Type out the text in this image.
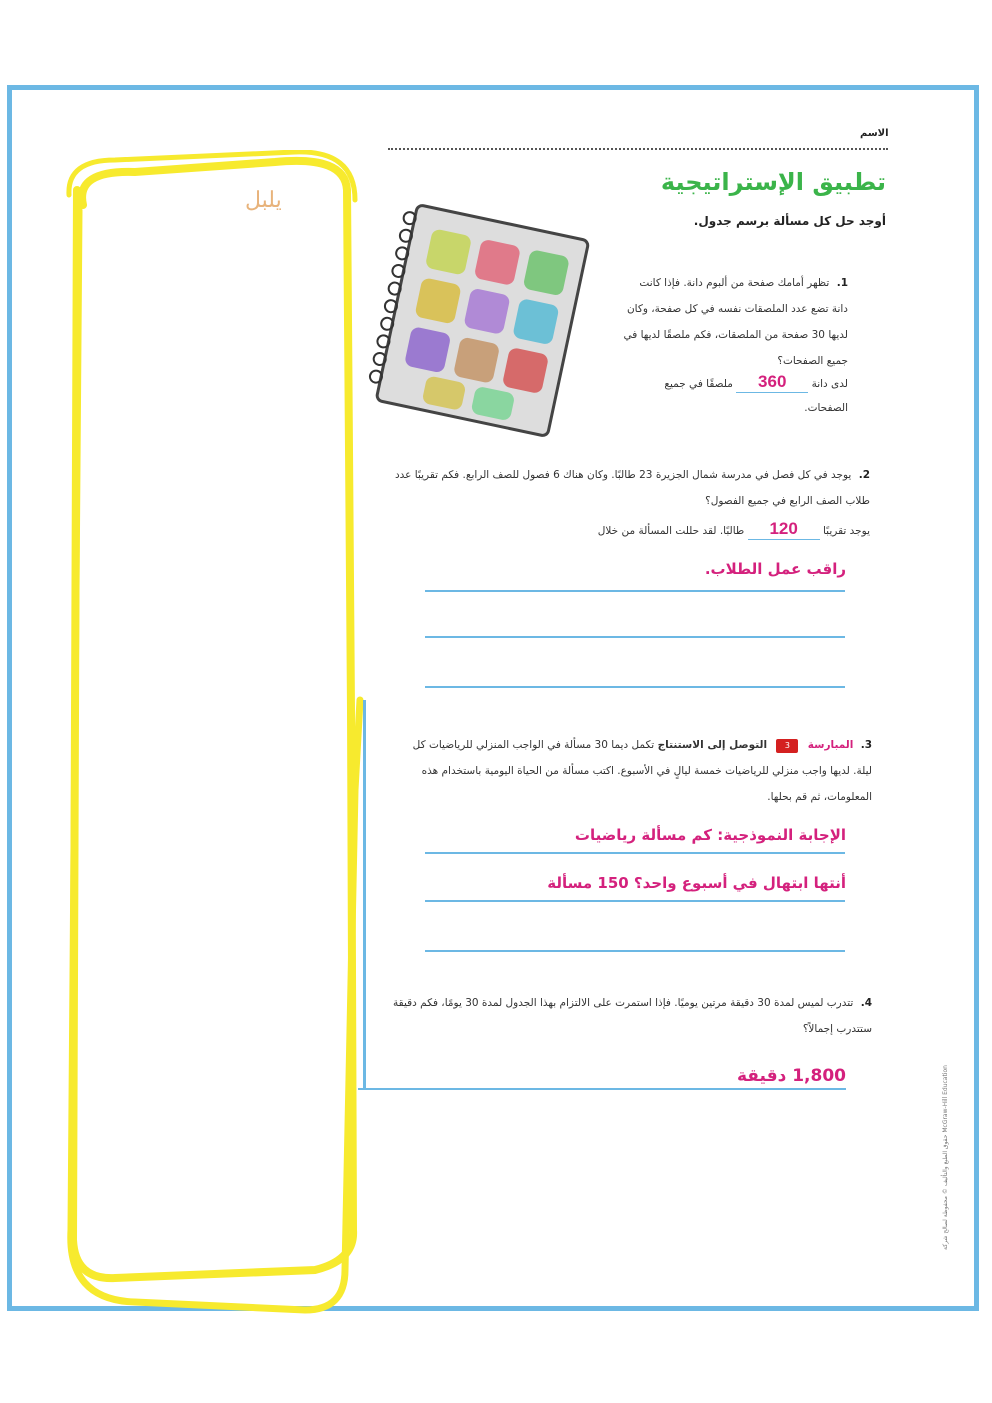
يلبل
الاسم
تطبيق الإستراتيجية
أوجد حل كل مسألة برسم جدول.
1. تظهر أمامك صفحة من ألبوم دانة. فإذا كانت دانة تضع عدد الملصقات نفسه في كل صفحة، وكان لديها 30 صفحة من الملصقات، فكم ملصقًا لديها في جميع الصفحات؟
لدى دانة 360 ملصقًا في جميع الصفحات.
2. يوجد في كل فصل في مدرسة شمال الجزيرة 23 طالبًا. وكان هناك 6 فصول للصف الرابع. فكم تقريبًا عدد طلاب الصف الرابع في جميع الفصول؟
يوجد تقريبًا 120 طالبًا. لقد حللت المسألة من خلال
راقب عمل الطلاب.
3. المبارسة 3 التوصل إلى الاستنتاج تكمل ديما 30 مسألة في الواجب المنزلي للرياضيات كل ليلة. لديها واجب منزلي للرياضيات خمسة ليالٍ في الأسبوع. اكتب مسألة من الحياة اليومية باستخدام هذه المعلومات، ثم قم بحلها.
الإجابة النموذجية: كم مسألة رياضيات
أنتها ابتهال في أسبوع واحد؟ 150 مسألة
4. تتدرب لميس لمدة 30 دقيقة مرتين يوميًا. فإذا استمرت على الالتزام بهذا الجدول لمدة 30 يومًا، فكم دقيقة ستتدرب إجمالاً؟
1,800 دقيقة
حقوق الطبع والتأليف © محفوظة لصالح شركة McGraw-Hill Education
